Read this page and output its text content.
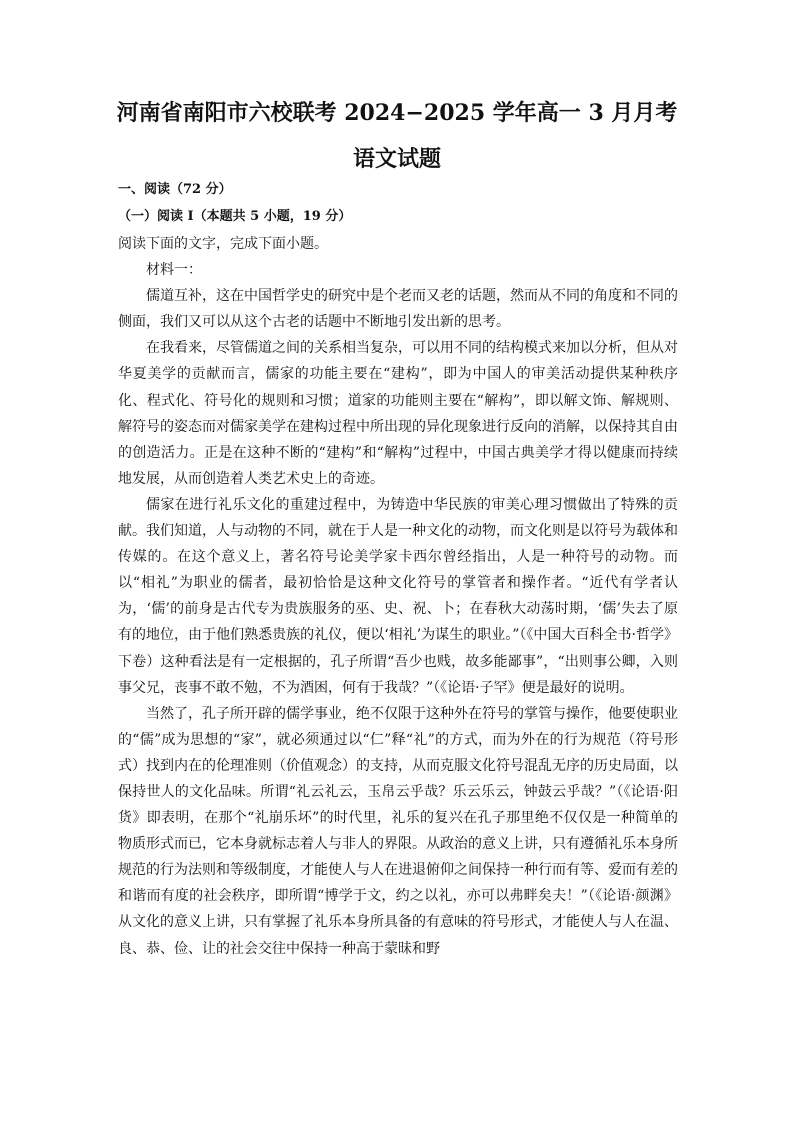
河南省南阳市六校联考 2024−2025 学年高一 3 月月考
语文试题
一、阅读（72 分）
（一）阅读 I（本题共 5 小题，19 分）

阅读下面的文字，完成下面小题。

材料一：

儒道互补，这在中国哲学史的研究中是个老而又老的话题，然而从不同的角度和不同的侧面，我们又可以从这个古老的话题中不断地引发出新的思考。

在我看来，尽管儒道之间的关系相当复杂，可以用不同的结构模式来加以分析，但从对华夏美学的贡献而言，儒家的功能主要在“建构”，即为中国人的审美活动提供某种秩序化、程式化、符号化的规则和习惯；道家的功能则主要在“解构”，即以解文饰、解规则、解符号的姿态而对儒家美学在建构过程中所出现的异化现象进行反向的消解，以保持其自由的创造活力。正是在这种不断的“建构”和“解构”过程中，中国古典美学才得以健康而持续地发展，从而创造着人类艺术史上的奇迹。

儒家在进行礼乐文化的重建过程中，为铸造中华民族的审美心理习惯做出了特殊的贡献。我们知道，人与动物的不同，就在于人是一种文化的动物，而文化则是以符号为载体和传媒的。在这个意义上，著名符号论美学家卡西尔曾经指出，人是一种符号的动物。而以“相礼”为职业的儒者，最初恰恰是这种文化符号的掌管者和操作者。“近代有学者认为，‘儒’的前身是古代专为贵族服务的巫、史、祝、卜；在春秋大动荡时期，‘儒’失去了原有的地位，由于他们熟悉贵族的礼仪，便以‘相礼’为谋生的职业。”（《中国大百科全书·哲学》下卷）这种看法是有一定根据的，孔子所谓“吾少也贱，故多能鄙事”，“出则事公卿，入则事父兄，丧事不敢不勉，不为酒困，何有于我哉？”（《论语·子罕》便是最好的说明。

当然了，孔子所开辟的儒学事业，绝不仅限于这种外在符号的掌管与操作，他要使职业的“儒”成为思想的“家”，就必须通过以“仁”释“礼”的方式，而为外在的行为规范（符号形式）找到内在的伦理准则（价值观念）的支持，从而克服文化符号混乱无序的历史局面，以保持世人的文化品味。所谓“礼云礼云，玉帛云乎哉？乐云乐云，钟鼓云乎哉？”（《论语·阳货》即表明，在那个“礼崩乐坏”的时代里，礼乐的复兴在孔子那里绝不仅仅是一种简单的物质形式而已，它本身就标志着人与非人的界限。从政治的意义上讲，只有遵循礼乐本身所规范的行为法则和等级制度，才能使人与人在进退俯仰之间保持一种行而有等、爱而有差的和谐而有度的社会秩序，即所谓“博学于文，约之以礼，亦可以弗畔矣夫！”（《论语·颜渊》从文化的意义上讲，只有掌握了礼乐本身所具备的有意味的符号形式，才能使人与人在温、良、恭、俭、让的社会交往中保持一种高于蒙昧和野
